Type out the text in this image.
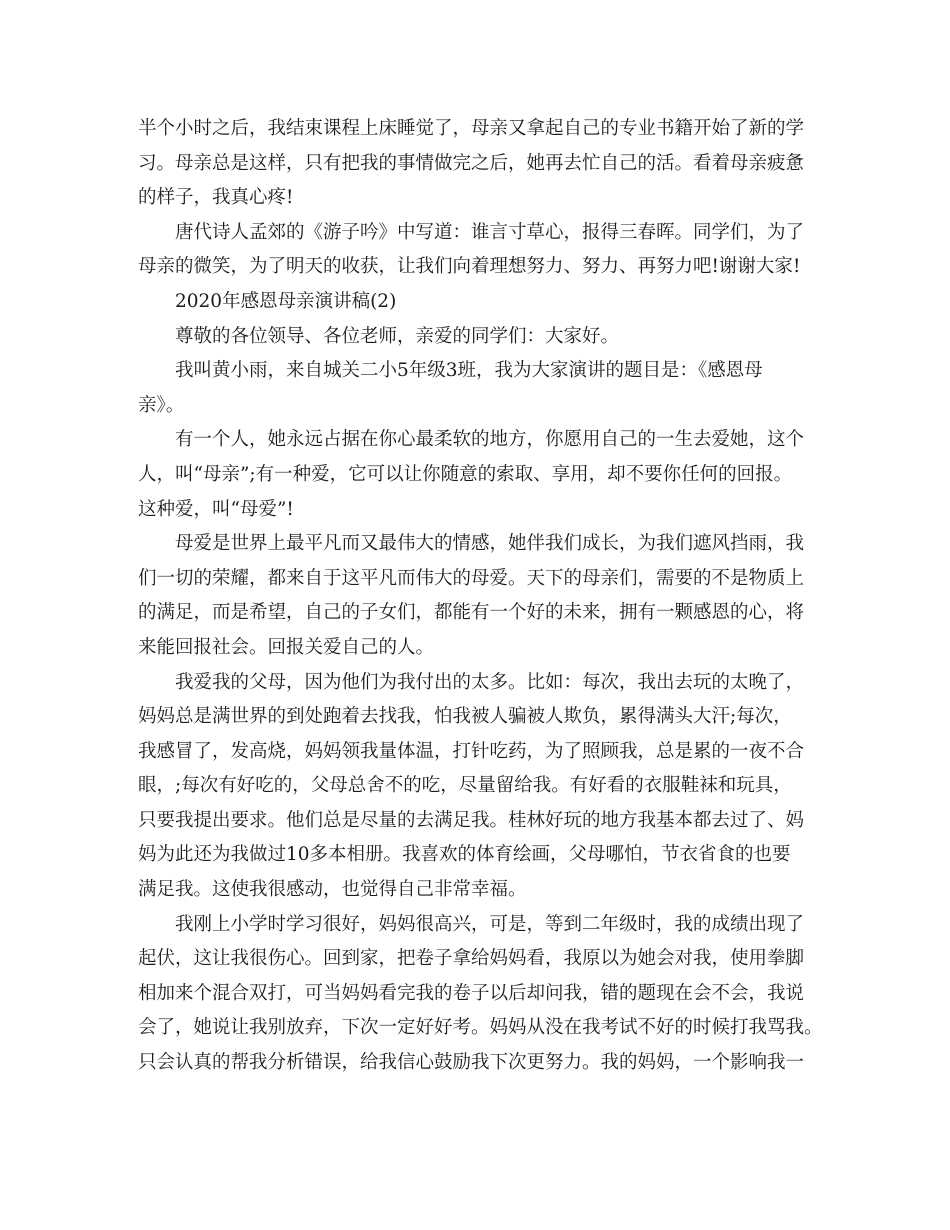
半个小时之后，我结束课程上床睡觉了，母亲又拿起自己的专业书籍开始了新的学
习。母亲总是这样，只有把我的事情做完之后，她再去忙自己的活。看着母亲疲惫
的样子，我真心疼!
唐代诗人孟郊的《游子吟》中写道：谁言寸草心，报得三春晖。同学们，为了
母亲的微笑，为了明天的收获，让我们向着理想努力、努力、再努力吧!谢谢大家!
2020年感恩母亲演讲稿(2)
尊敬的各位领导、各位老师，亲爱的同学们：大家好。
我叫黄小雨，来自城关二小5年级3班，我为大家演讲的题目是：《感恩母
亲》。
有一个人，她永远占据在你心最柔软的地方，你愿用自己的一生去爱她，这个
人，叫“母亲”;有一种爱，它可以让你随意的索取、享用，却不要你任何的回报。
这种爱，叫“母爱”!
母爱是世界上最平凡而又最伟大的情感，她伴我们成长，为我们遮风挡雨，我
们一切的荣耀，都来自于这平凡而伟大的母爱。天下的母亲们，需要的不是物质上
的满足，而是希望，自己的子女们，都能有一个好的未来，拥有一颗感恩的心，将
来能回报社会。回报关爱自己的人。
我爱我的父母，因为他们为我付出的太多。比如：每次，我出去玩的太晚了，
妈妈总是满世界的到处跑着去找我，怕我被人骗被人欺负，累得满头大汗;每次，
我感冒了，发高烧，妈妈领我量体温，打针吃药，为了照顾我，总是累的一夜不合
眼，;每次有好吃的，父母总舍不的吃，尽量留给我。有好看的衣服鞋袜和玩具，
只要我提出要求。他们总是尽量的去满足我。桂林好玩的地方我基本都去过了、妈
妈为此还为我做过10多本相册。我喜欢的体育绘画，父母哪怕，节衣省食的也要
满足我。这使我很感动，也觉得自己非常幸福。
我刚上小学时学习很好，妈妈很高兴，可是，等到二年级时，我的成绩出现了
起伏，这让我很伤心。回到家，把卷子拿给妈妈看，我原以为她会对我，使用拳脚
相加来个混合双打，可当妈妈看完我的卷子以后却问我，错的题现在会不会，我说
会了，她说让我别放弃，下次一定好好考。妈妈从没在我考试不好的时候打我骂我。
只会认真的帮我分析错误，给我信心鼓励我下次更努力。我的妈妈，一个影响我一
